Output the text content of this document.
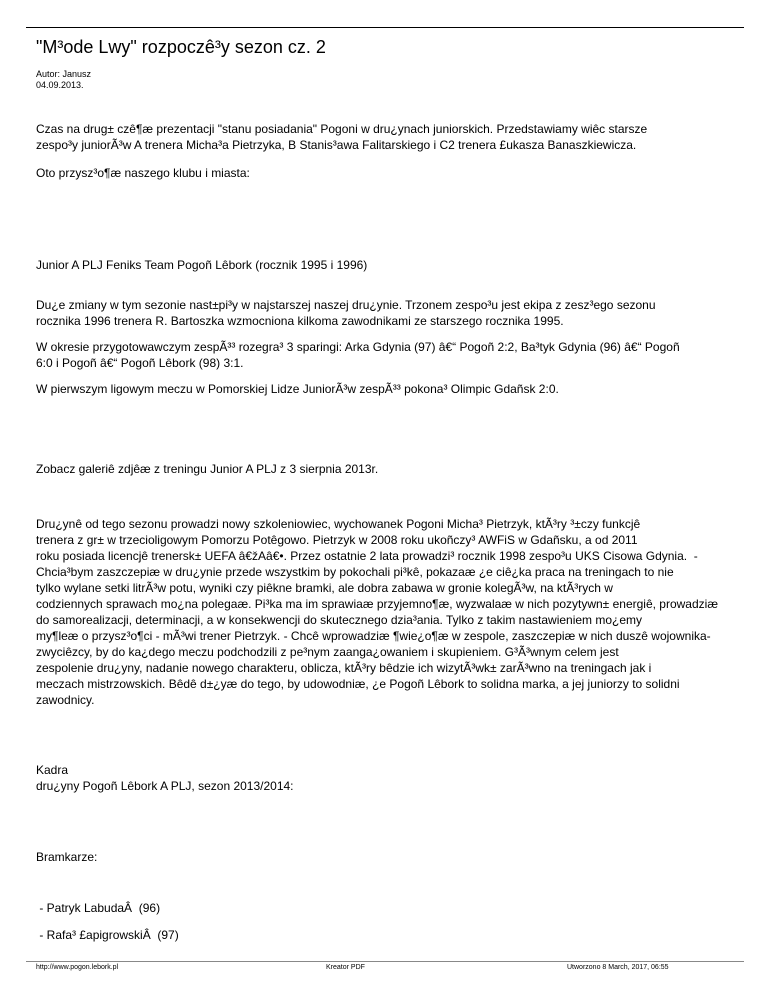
"M³ode Lwy" rozpoczê³y sezon cz. 2
Autor: Janusz
04.09.2013.
Czas na drug± czê¶æ prezentacji "stanu posiadania" Pogoni w dru¿ynach juniorskich. Przedstawiamy wiêc starsze
zespo³y juniorÃ³w A trenera Micha³a Pietrzyka, B Stanis³awa Falitarskiego i C2 trenera £ukasza Banaszkiewicza.
Oto przysz³o¶æ naszego klubu i miasta:
Junior A PLJ Feniks Team Pogoñ Lêbork (rocznik 1995 i 1996)
Du¿e zmiany w tym sezonie nast±pi³y w najstarszej naszej dru¿ynie. Trzonem zespo³u jest ekipa z zesz³ego sezonu
rocznika 1996 trenera R. Bartoszka wzmocniona kilkoma zawodnikami ze starszego rocznika 1995.
W okresie przygotowawczym zespÃ³³ rozegra³ 3 sparingi: Arka Gdynia (97) â€“ Pogoñ 2:2, Ba³tyk Gdynia (96) â€“ Pogoñ
6:0 i Pogoñ â€“ Pogoñ Lêbork (98) 3:1.
W pierwszym ligowym meczu w Pomorskiej Lidze JuniorÃ³w zespÃ³³ pokona³ Olimpic Gdañsk 2:0.
Zobacz galeriê zdjêæ z treningu Junior A PLJ z 3 sierpnia 2013r.
Dru¿ynê od tego sezonu prowadzi nowy szkoleniowiec, wychowanek Pogoni Micha³ Pietrzyk, ktÃ³ry ³±czy funkcjê
trenera z gr± w trzecioligowym Pomorzu Potêgowo. Pietrzyk w 2008 roku ukoñczy³ AWFiS w Gdañsku, a od 2011
roku posiada licencjê trenersk± UEFA â€žAâ€•. Przez ostatnie 2 lata prowadzi³ rocznik 1998 zespo³u UKS Cisowa Gdynia.  -
Chcia³bym zaszczepiæ w dru¿ynie przede wszystkim by pokochali pi³kê, pokazaæ ¿e ciê¿ka praca na treningach to nie
tylko wylane setki litrÃ³w potu, wyniki czy piêkne bramki, ale dobra zabawa w gronie kolegÃ³w, na ktÃ³rych w
codziennych sprawach mo¿na polegaæ. Pi³ka ma im sprawiaæ przyjemno¶æ, wyzwalaæ w nich pozytywn± energiê, prowadziæ
do samorealizacji, determinacji, a w konsekwencji do skutecznego dzia³ania. Tylko z takim nastawieniem mo¿emy
my¶leæ o przysz³o¶ci - mÃ³wi trener Pietrzyk. - Chcê wprowadziæ ¶wie¿o¶æ w zespole, zaszczepiæ w nich duszê wojownika-
zwyciêzcy, by do ka¿dego meczu podchodzili z pe³nym zaanga¿owaniem i skupieniem. G³Ã³wnym celem jest
zespolenie dru¿yny, nadanie nowego charakteru, oblicza, ktÃ³ry bêdzie ich wizytÃ³wk± zarÃ³wno na treningach jak i
meczach mistrzowskich. Bêdê d±¿yæ do tego, by udowodniæ, ¿e Pogoñ Lêbork to solidna marka, a jej juniorzy to solidni
zawodnicy.
Kadra
dru¿yny Pogoñ Lêbork A PLJ, sezon 2013/2014:
Bramkarze:
- Patryk LabudaÂ  (96)
- Rafa³ £apigrowskiÂ  (97)
http://www.pogon.lebork.pl	Kreator PDF	Utworzono 8 March, 2017, 06:55
